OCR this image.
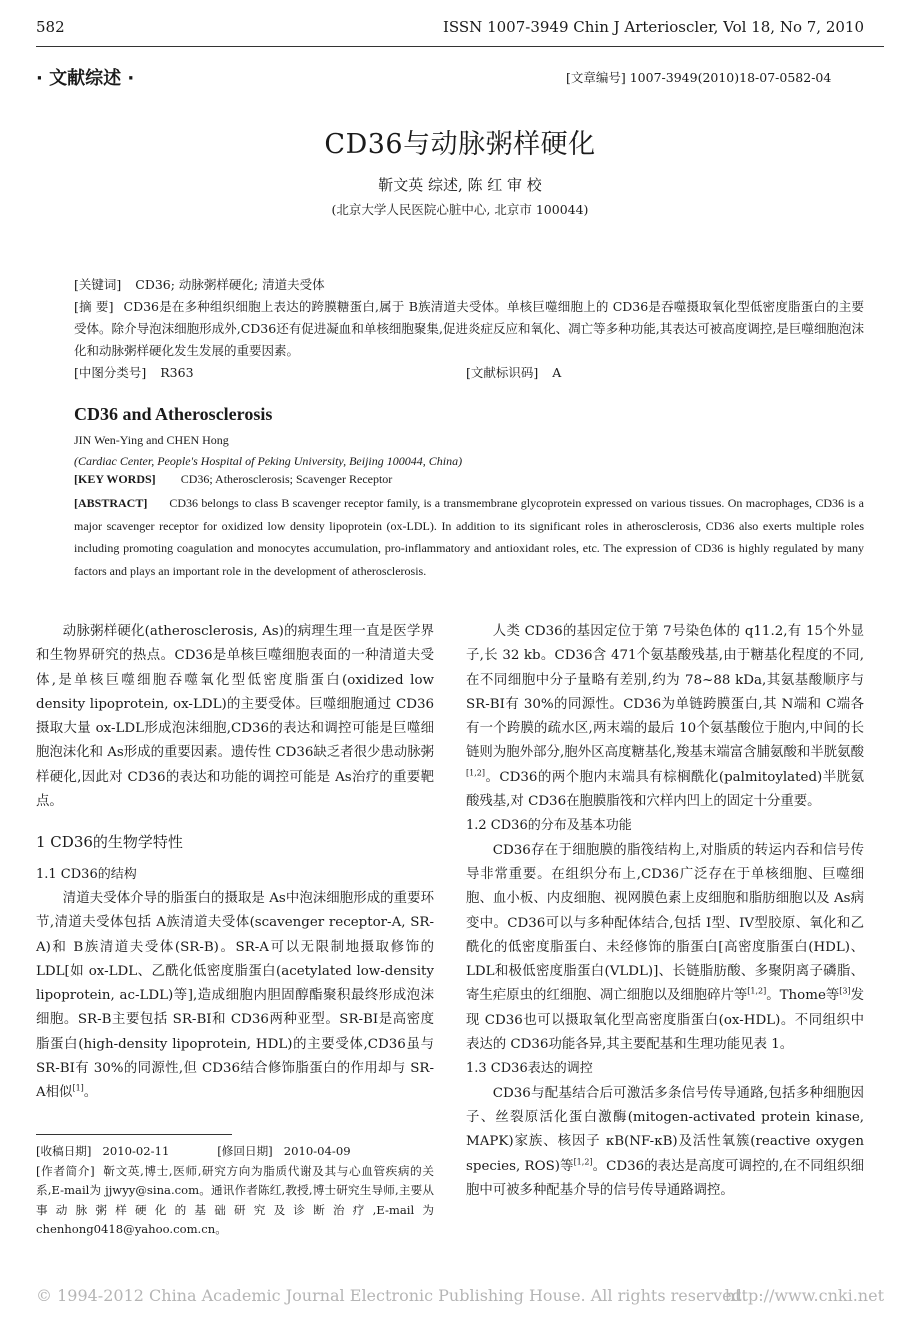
582	ISSN 1007-3949 Chin J Arterioscler, Vol 18, No 7, 2010
· 文献综述 ·	[文章编号] 1007-3949(2010)18-07-0582-04
CD36与动脉粥样硬化
靳文英 综述, 陈 红 审 校
(北京大学人民医院心脏中心, 北京市 100044)
[关键词] CD36; 动脉粥样硬化; 清道夫受体
[摘 要] CD36是在多种组织细胞上表达的跨膜糖蛋白,属于 B族清道夫受体。单核巨噬细胞上的 CD36是吞噬摄取氧化型低密度脂蛋白的主要受体。除介导泡沫细胞形成外,CD36还有促进凝血和单核细胞聚集,促进炎症反应和氧化、凋亡等多种功能,其表达可被高度调控,是巨噬细胞泡沫化和动脉粥样硬化发生发展的重要因素。
[中图分类号] R363	[文献标识码] A
CD36 and Atherosclerosis
JIN Wen-Ying and CHEN Hong
(Cardiac Center, People's Hospital of Peking University, Beijing 100044, China)
[KEY WORDS] CD36; Atherosclerosis; Scavenger Receptor
[ABSTRACT] CD36 belongs to class B scavenger receptor family, is a transmembrane glycoprotein expressed on various tissues. On macrophages, CD36 is a major scavenger receptor for oxidized low density lipoprotein (ox-LDL). In addition to its significant roles in atherosclerosis, CD36 also exerts multiple roles including promoting coagulation and monocytes accumulation, pro-inflammatory and antioxidant roles, etc. The expression of CD36 is highly regulated by many factors and plays an important role in the development of atherosclerosis.

动脉粥样硬化(atherosclerosis, As)的病理生理一直是医学界和生物界研究的热点。CD36是单核巨噬细胞表面的一种清道夫受体,是单核巨噬细胞吞噬氧化型低密度脂蛋白(oxidized low density lipoprotein, ox-LDL)的主要受体。巨噬细胞通过 CD36摄取大量 ox-LDL形成泡沫细胞,CD36的表达和调控可能是巨噬细胞泡沫化和 As形成的重要因素。遗传性 CD36缺乏者很少患动脉粥样硬化,因此对 CD36的表达和功能的调控可能是 As治疗的重要靶点。

1 CD36的生物学特性

1.1 CD36的结构

清道夫受体介导的脂蛋白的摄取是 As中泡沫细胞形成的重要环节,清道夫受体包括 A族清道夫受体(scavenger receptor-A, SR-A)和 B族清道夫受体(SR-B)。SR-A可以无限制地摄取修饰的 LDL[如 ox-LDL、乙酰化低密度脂蛋白(acetylated low-density lipoprotein, ac-LDL)等],造成细胞内胆固醇酯聚积最终形成泡沫细胞。SR-B主要包括 SR-BI和 CD36两种亚型。SR-BI是高密度脂蛋白(high-density lipoprotein, HDL)的主要受体,CD36虽与 SR-BI有 30%的同源性,但 CD36结合修饰脂蛋白的作用却与 SR-A相似[1]。

[收稿日期] 2010-02-11	[修回日期] 2010-04-09

[作者简介] 靳文英,博士,医师,研究方向为脂质代谢及其与心血管疾病的关系,E-mail为 jjwyy@sina.com。通讯作者陈红,教授,博士研究生导师,主要从事动脉粥样硬化的基础研究及诊断治疗,E-mail为 chenhong0418@yahoo.com.cn。

人类 CD36的基因定位于第 7号染色体的 q11.2,有 15个外显子,长 32 kb。CD36含 471个氨基酸残基,由于糖基化程度的不同,在不同细胞中分子量略有差别,约为 78~88 kDa,其氨基酸顺序与 SR-BI有 30%的同源性。CD36为单链跨膜蛋白,其 N端和 C端各有一个跨膜的疏水区,两末端的最后 10个氨基酸位于胞内,中间的长链则为胞外部分,胞外区高度糖基化,羧基末端富含脯氨酸和半胱氨酸[1,2]。CD36的两个胞内末端具有棕榈酰化(palmitoylated)半胱氨酸残基,对 CD36在胞膜脂筏和穴样内凹上的固定十分重要。

1.2 CD36的分布及基本功能

CD36存在于细胞膜的脂筏结构上,对脂质的转运内吞和信号传导非常重要。在组织分布上,CD36广泛存在于单核细胞、巨噬细胞、血小板、内皮细胞、视网膜色素上皮细胞和脂肪细胞以及 As病变中。CD36可以与多种配体结合,包括 I型、IV型胶原、氧化和乙酰化的低密度脂蛋白、未经修饰的脂蛋白[高密度脂蛋白(HDL)、LDL和极低密度脂蛋白(VLDL)]、长链脂肪酸、多聚阴离子磷脂、寄生疟原虫的红细胞、凋亡细胞以及细胞碎片等[1,2]。Thome等[3]发现 CD36也可以摄取氧化型高密度脂蛋白(ox-HDL)。不同组织中表达的 CD36功能各异,其主要配基和生理功能见表 1。

1.3 CD36表达的调控

CD36与配基结合后可激活多条信号传导通路,包括多种细胞因子、丝裂原活化蛋白激酶(mitogen-activated protein kinase, MAPK)家族、核因子 κB(NF-κB)及活性氧簇(reactive oxygen species, ROS)等[1,2]。CD36的表达是高度可调控的,在不同组织细胞中可被多种配基介导的信号传导通路调控。

© 1994-2012 China Academic Journal Electronic Publishing House. All rights reserved.
http://www.cnki.net
